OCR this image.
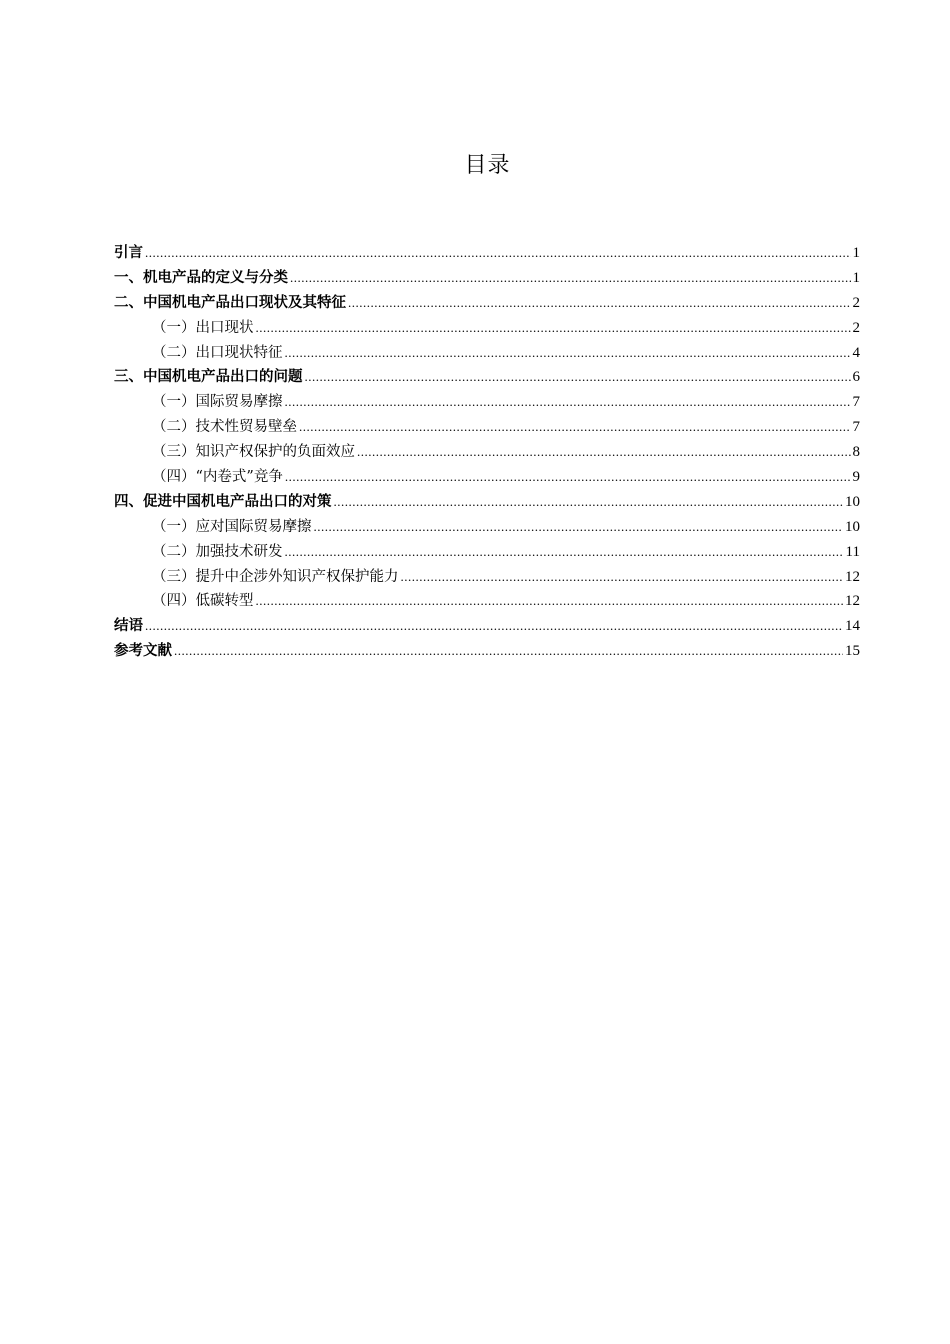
目录
引言 .....	1
一、机电产品的定义与分类 .....	1
二、中国机电产品出口现状及其特征 .....	2
（一）出口现状 .....	2
（二）出口现状特征 .....	4
三、中国机电产品出口的问题 .....	6
（一）国际贸易摩擦 .....	7
（二）技术性贸易壁垒 .....	7
（三）知识产权保护的负面效应 .....	8
（四）“内卷式”竞争 .....	9
四、促进中国机电产品出口的对策 .....	10
（一）应对国际贸易摩擦 .....	10
（二）加强技术研发 .....	11
（三）提升中企涉外知识产权保护能力 .....	12
（四）低碳转型 .....	12
结语 .....	14
参考文献 .....	15
